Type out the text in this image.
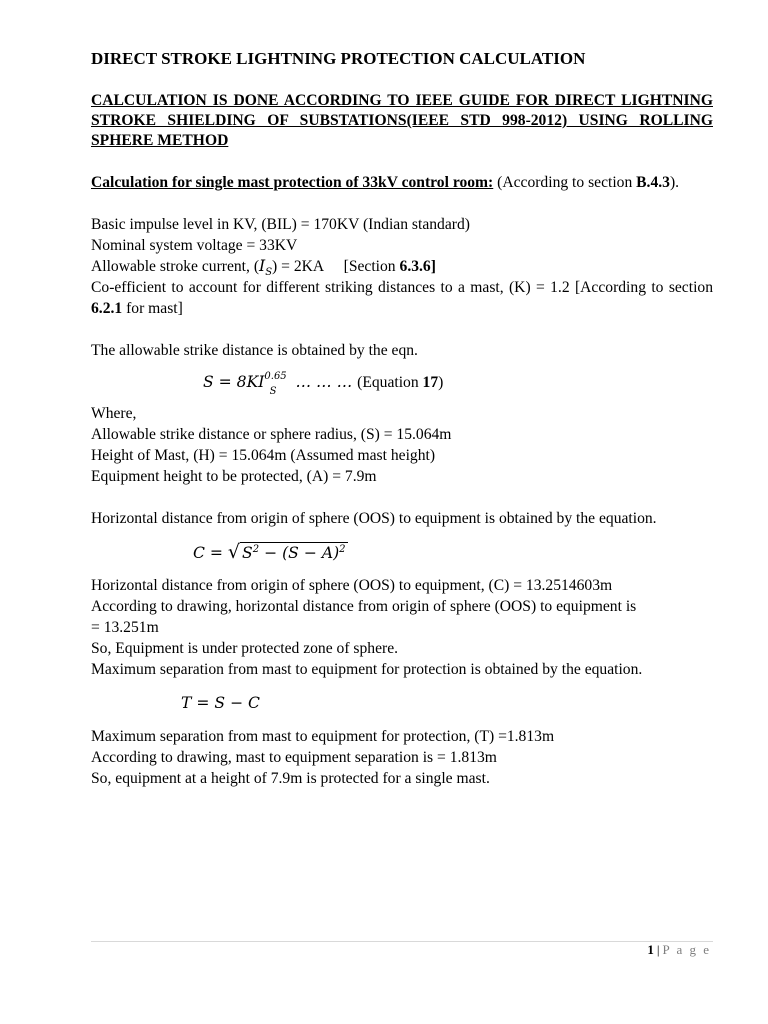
DIRECT STROKE LIGHTNING PROTECTION CALCULATION
CALCULATION IS DONE ACCORDING TO IEEE GUIDE FOR DIRECT LIGHTNING STROKE SHIELDING OF SUBSTATIONS(IEEE STD 998-2012) USING ROLLING SPHERE METHOD
Calculation for single mast protection of 33kV control room: (According to section B.4.3).
Basic impulse level in KV, (BIL) = 170KV (Indian standard)
Nominal system voltage = 33KV
Allowable stroke current, $(I_S) = 2KA$     [Section 6.3.6]
Co-efficient to account for different striking distances to a mast, (K) = 1.2 [According to section 6.2.1 for mast]
The allowable strike distance is obtained by the eqn.
$S = 8KI^{0.65}_S$ … … … (Equation 17)
Where,
Allowable strike distance or sphere radius, (S) = 15.064m
Height of Mast, (H) = 15.064m (Assumed mast height)
Equipment height to be protected, (A) = 7.9m
Horizontal distance from origin of sphere (OOS) to equipment is obtained by the equation.
C = √ $S^2 - (S - A)^2$
Horizontal distance from origin of sphere (OOS) to equipment, (C) = 13.2514603m
According to drawing, horizontal distance from origin of sphere (OOS) to equipment is
= 13.251m
So, Equipment is under protected zone of sphere.
Maximum separation from mast to equipment for protection is obtained by the equation.
T = S − C
Maximum separation from mast to equipment for protection, (T) =1.813m
According to drawing, mast to equipment separation is = 1.813m
So, equipment at a height of 7.9m is protected for a single mast.
1 | P a g e
